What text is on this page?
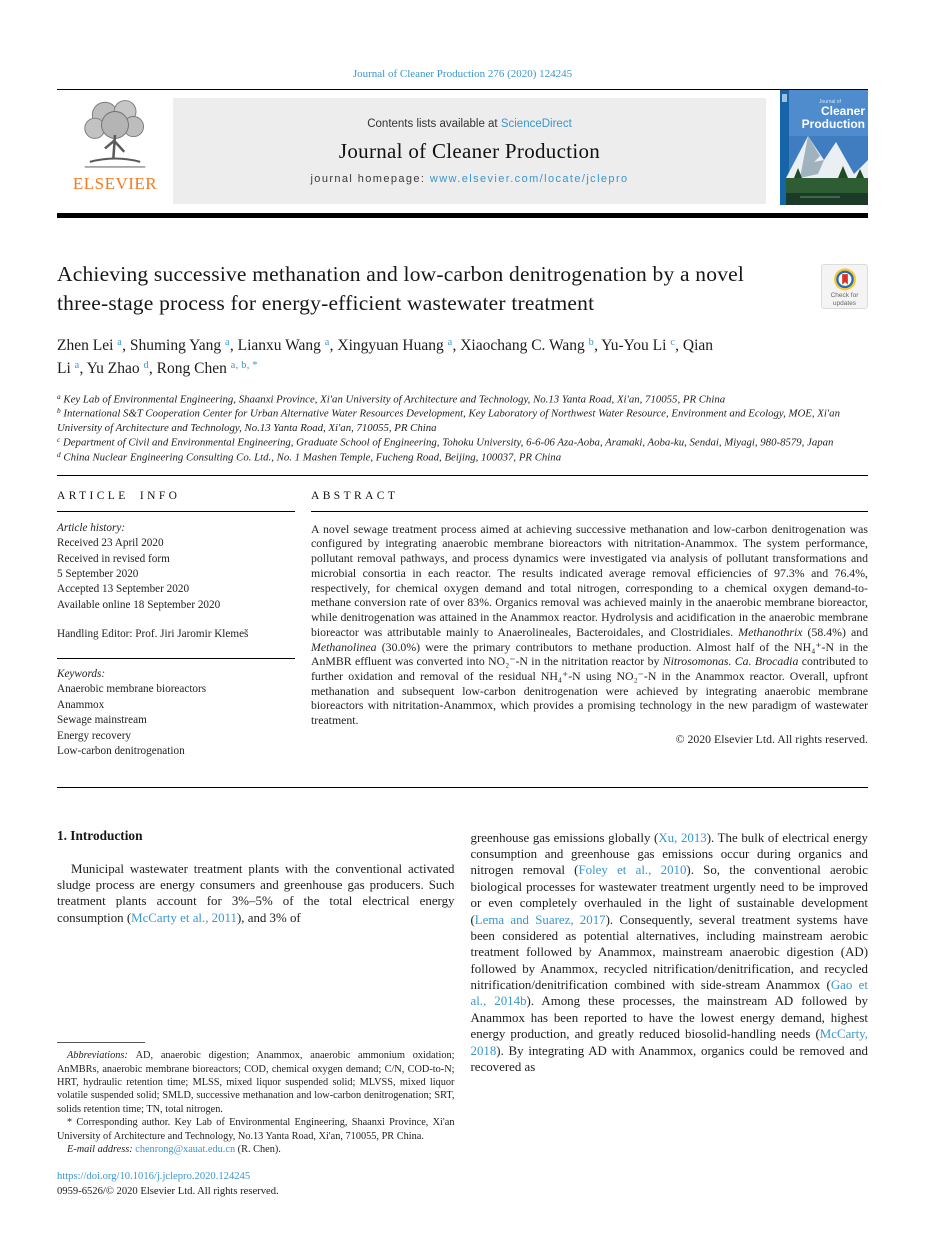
Journal of Cleaner Production 276 (2020) 124245
ELSEVIER
Contents lists available at ScienceDirect
Journal of Cleaner Production
journal homepage: www.elsevier.com/locate/jclepro
Journal of
Cleaner
Production
Achieving successive methanation and low-carbon denitrogenation by a novel three-stage process for energy-efficient wastewater treatment	Check for
updates
Zhen Lei $^a$, Shuming Yang $^a$, Lianxu Wang $^a$, Xingyuan Huang $^a$, Xiaochang C. Wang $^b$, Yu-You Li $^c$, Qian Li $^a$, Yu Zhao $^d$, Rong Chen $^{a, b, *}$
$^a$ Key Lab of Environmental Engineering, Shaanxi Province, Xi'an University of Architecture and Technology, No.13 Yanta Road, Xi'an, 710055, PR China
$^b$ International S&T Cooperation Center for Urban Alternative Water Resources Development, Key Laboratory of Northwest Water Resource, Environment and Ecology, MOE, Xi'an University of Architecture and Technology, No.13 Yanta Road, Xi'an, 710055, PR China
$^c$ Department of Civil and Environmental Engineering, Graduate School of Engineering, Tohoku University, 6-6-06 Aza-Aoba, Aramaki, Aoba-ku, Sendai, Miyagi, 980-8579, Japan
$^d$ China Nuclear Engineering Consulting Co. Ltd., No. 1 Mashen Temple, Fucheng Road, Beijing, 100037, PR China
ARTICLE INFO
Article history:
Received 23 April 2020
Received in revised form
5 September 2020
Accepted 13 September 2020
Available online 18 September 2020
Handling Editor: Prof. Jiri Jaromir Klemeš
Keywords:
Anaerobic membrane bioreactors
Anammox
Sewage mainstream
Energy recovery
Low-carbon denitrogenation
ABSTRACT
A novel sewage treatment process aimed at achieving successive methanation and low-carbon denitrogenation was configured by integrating anaerobic membrane bioreactors with nitritation-Anammox. The system performance, pollutant removal pathways, and process dynamics were investigated via analysis of pollutant transformations and microbial consortia in each reactor. The results indicated average removal efficiencies of 97.3% and 76.4%, respectively, for chemical oxygen demand and total nitrogen, corresponding to a chemical oxygen demand-to-methane conversion rate of over 83%. Organics removal was achieved mainly in the anaerobic membrane bioreactor, while denitrogenation was attained in the Anammox reactor. Hydrolysis and acidification in the anaerobic membrane bioreactor was attributable mainly to Anaerolineales, Bacteroidales, and Clostridiales. Methanothrix (58.4%) and Methanolinea (30.0%) were the primary contributors to methane production. Almost half of the NH₄⁺-N in the AnMBR effluent was converted into NO₂⁻-N in the nitritation reactor by Nitrosomonas. Ca. Brocadia contributed to further oxidation and removal of the residual NH₄⁺-N using NO₂⁻-N in the Anammox reactor. Overall, upfront methanation and subsequent low-carbon denitrogenation were achieved by integrating anaerobic membrane bioreactors with nitritation-Anammox, which provides a promising technology in the new paradigm of wastewater treatment.
© 2020 Elsevier Ltd. All rights reserved.
1. Introduction

Municipal wastewater treatment plants with the conventional activated sludge process are energy consumers and greenhouse gas producers. Such treatment plants account for 3%–5% of the total electrical energy consumption (McCarty et al., 2011), and 3% of

Abbreviations: AD, anaerobic digestion; Anammox, anaerobic ammonium oxidation; AnMBRs, anaerobic membrane bioreactors; COD, chemical oxygen demand; C/N, COD-to-N; HRT, hydraulic retention time; MLSS, mixed liquor suspended solid; MLVSS, mixed liquor volatile suspended solid; SMLD, successive methanation and low-carbon denitrogenation; SRT, solids retention time; TN, total nitrogen.

* Corresponding author. Key Lab of Environmental Engineering, Shaanxi Province, Xi'an University of Architecture and Technology, No.13 Yanta Road, Xi'an, 710055, PR China.

E-mail address: chenrong@xauat.edu.cn (R. Chen).

https://doi.org/10.1016/j.jclepro.2020.124245
0959-6526/© 2020 Elsevier Ltd. All rights reserved.

greenhouse gas emissions globally (Xu, 2013). The bulk of electrical energy consumption and greenhouse gas emissions occur during organics and nitrogen removal (Foley et al., 2010). So, the conventional aerobic biological processes for wastewater treatment urgently need to be improved or even completely overhauled in the light of sustainable development (Lema and Suarez, 2017). Consequently, several treatment systems have been considered as potential alternatives, including mainstream aerobic treatment followed by Anammox, mainstream anaerobic digestion (AD) followed by Anammox, recycled nitrification/denitrification, and recycled nitrification/denitrification combined with side-stream Anammox (Gao et al., 2014b). Among these processes, the mainstream AD followed by Anammox has been reported to have the lowest energy demand, highest energy production, and greatly reduced biosolid-handling needs (McCarty, 2018). By integrating AD with Anammox, organics could be removed and recovered as
